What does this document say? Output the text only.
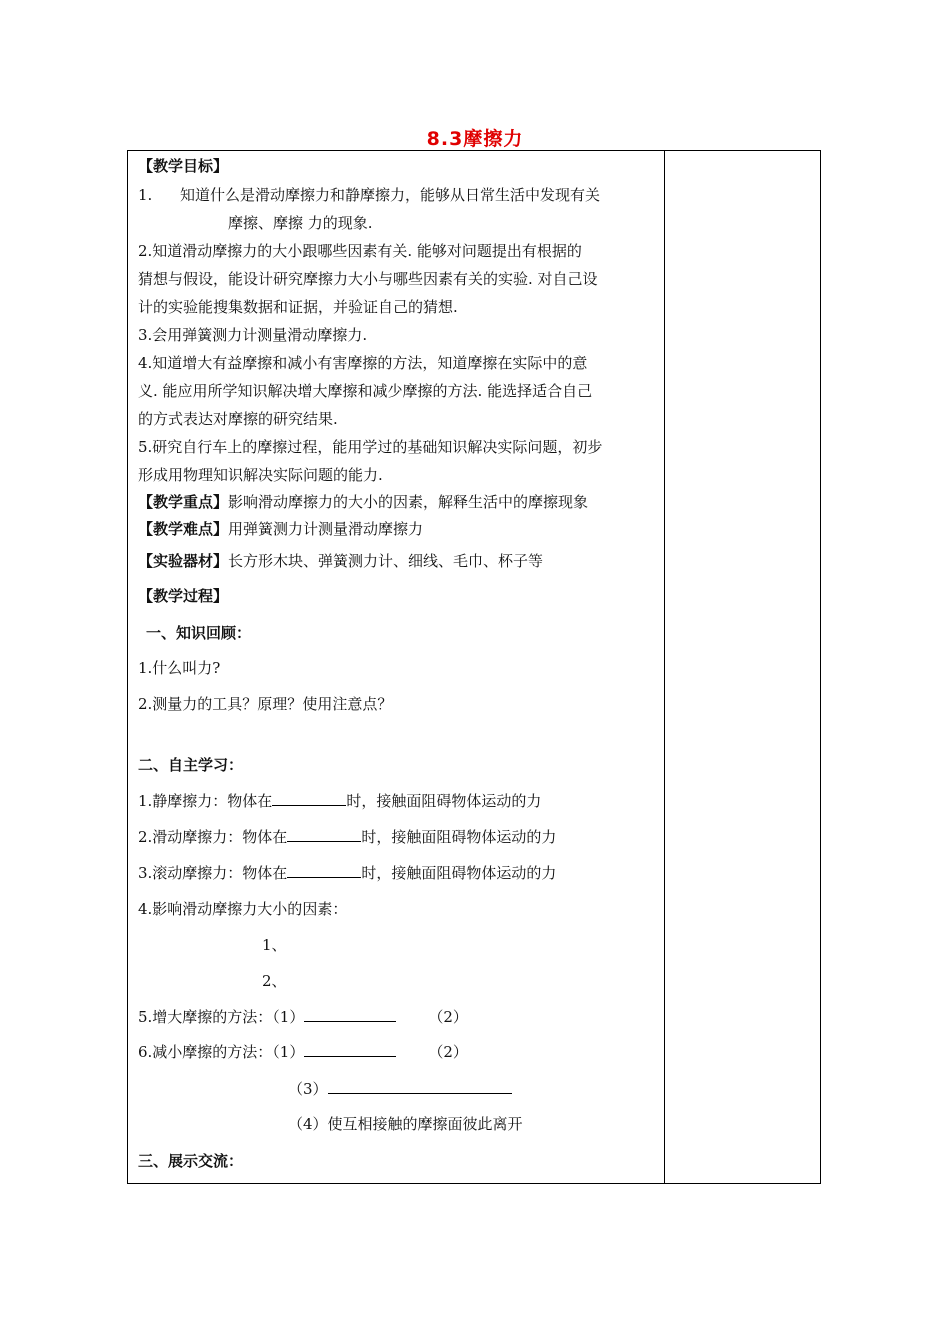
8.3摩擦力
【教学目标】
1. 知道什么是滑动摩擦力和静摩擦力，能够从日常生活中发现有关
摩擦、摩擦 力的现象.
2.知道滑动摩擦力的大小跟哪些因素有关. 能够对问题提出有根据的
猜想与假设，能设计研究摩擦力大小与哪些因素有关的实验. 对自己设
计的实验能搜集数据和证据，并验证自己的猜想.
3.会用弹簧测力计测量滑动摩擦力.
4.知道增大有益摩擦和减小有害摩擦的方法，知道摩擦在实际中的意
义. 能应用所学知识解决增大摩擦和减少摩擦的方法. 能选择适合自己
的方式表达对摩擦的研究结果.
5.研究自行车上的摩擦过程，能用学过的基础知识解决实际问题，初步
形成用物理知识解决实际问题的能力.
【教学重点】影响滑动摩擦力的大小的因素，解释生活中的摩擦现象
【教学难点】用弹簧测力计测量滑动摩擦力
【实验器材】长方形木块、弹簧测力计、细线、毛巾、杯子等
【教学过程】
一、知识回顾：
1.什么叫力?
2.测量力的工具？原理？使用注意点？
二、自主学习：
1.静摩擦力：物体在	时，接触面阻碍物体运动的力
2.滑动摩擦力：物体在	时，接触面阻碍物体运动的力
3.滚动摩擦力：物体在	时，接触面阻碍物体运动的力
4.影响滑动摩擦力大小的因素：
1、
2、
5.增大摩擦的方法：（1）	（2）
6.减小摩擦的方法：（1）	（2）
（3）
（4）使互相接触的摩擦面彼此离开
三、展示交流：
